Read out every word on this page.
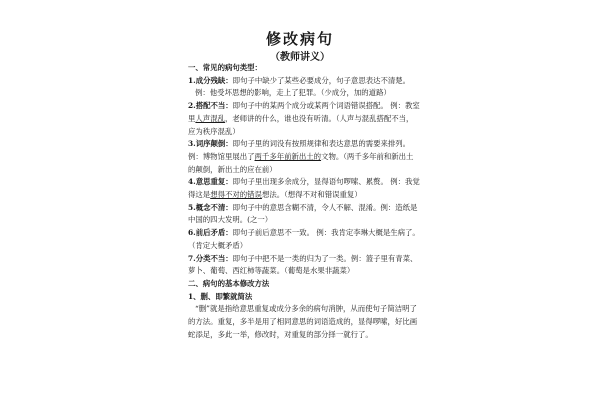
修改病句
（教师讲义）

一、常见的病句类型：

1.成分残缺：即句子中缺少了某些必要成分，句子意思表达不清楚。

例：他受坏思想的影响，走上了犯罪。（少成分，加的道路）

2.搭配不当：即句子中的某两个成分或某两个词语错误搭配。 例：教室里人声混乱，老师讲的什么，谁也没有听清。（人声与混乱搭配不当，应为秩序混乱）

3.词序颠倒：即句子里的词没有按照规律和表达意思的需要来排列。例：博物馆里展出了两千多年前新出土的文物。（两千多年前和新出土的颠倒，新出土的应在前）

4.意思重复：即句子里出现多余成分，显得语句啰嗦、累赘。 例：我觉得这是想得不对的错误想法。（想得不对和错误重复）

5.概念不清：即句子中的意思含糊不清，令人不解、混淆。例：造纸是中国的四大发明。(之一）

6.前后矛盾：即句子前后意思不一致。 例：我肯定李琳大概是生病了。（肯定大概矛盾）

7.分类不当：即句子中把不是一类的归为了一类。例：篮子里有青菜、萝卜、葡萄、西红柿等蔬菜。（葡萄是水果非蔬菜）

二、病句的基本修改方法

1、删、即繁就简法

“删”就是指给意思重复或成分多余的病句消肿，从而使句子简洁明了的方法。重复，多半是用了相同意思的词语造成的，显得啰嗦，好比画蛇添足，多此一举，修改时，对重复的部分择一就行了。
